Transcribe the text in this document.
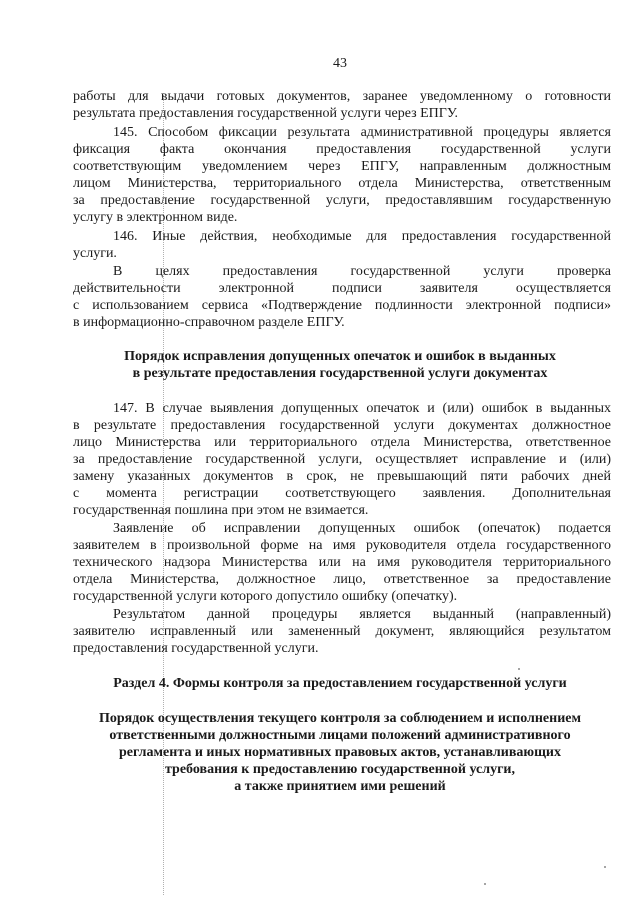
43
работы для выдачи готовых документов, заранее уведомленному о готовности
результата предоставления государственной услуги через ЕПГУ.
145. Способом фиксации результата административной процедуры является
фиксация факта окончания предоставления государственной услуги
соответствующим уведомлением через ЕПГУ, направленным должностным
лицом Министерства, территориального отдела Министерства, ответственным
за предоставление государственной услуги, предоставлявшим государственную
услугу в электронном виде.
146. Иные действия, необходимые для предоставления государственной
услуги.
В целях предоставления государственной услуги проверка
действительности электронной подписи заявителя осуществляется
с использованием сервиса «Подтверждение подлинности электронной подписи»
в информационно-справочном разделе ЕПГУ.
Порядок исправления допущенных опечаток и ошибок в выданных
в результате предоставления государственной услуги документах
147. В случае выявления допущенных опечаток и (или) ошибок в выданных
в результате предоставления государственной услуги документах должностное
лицо Министерства или территориального отдела Министерства, ответственное
за предоставление государственной услуги, осуществляет исправление и (или)
замену указанных документов в срок, не превышающий пяти рабочих дней
с момента регистрации соответствующего заявления. Дополнительная
государственная пошлина при этом не взимается.
Заявление об исправлении допущенных ошибок (опечаток) подается
заявителем в произвольной форме на имя руководителя отдела государственного
технического надзора Министерства или на имя руководителя территориального
отдела Министерства, должностное лицо, ответственное за предоставление
государственной услуги которого допустило ошибку (опечатку).
Результатом данной процедуры является выданный (направленный)
заявителю исправленный или замененный документ, являющийся результатом
предоставления государственной услуги.
Раздел 4. Формы контроля за предоставлением государственной услуги
Порядок осуществления текущего контроля за соблюдением и исполнением
ответственными должностными лицами положений административного
регламента и иных нормативных правовых актов, устанавливающих
требования к предоставлению государственной услуги,
а также принятием ими решений
